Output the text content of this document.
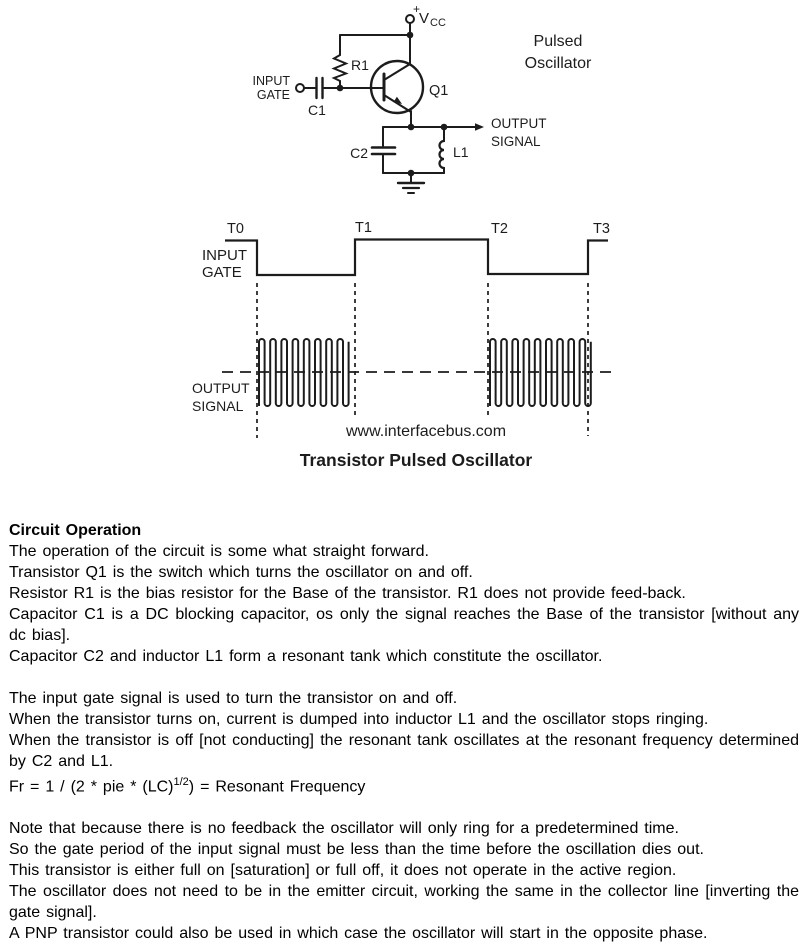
+
V CC
R1
C1
Q1
C2	L1
INPUT
GATE
OUTPUT
SIGNAL
Pulsed
Oscillator
T0	T1	T2	T3
INPUT
GATE
OUTPUT
SIGNAL
www.interfacebus.com
Transistor Pulsed Oscillator
Circuit Operation
The operation of the circuit is some what straight forward.
Transistor Q1 is the switch which turns the oscillator on and off.
Resistor R1 is the bias resistor for the Base of the transistor. R1 does not provide feed-back.
Capacitor C1 is a DC blocking capacitor, os only the signal reaches the Base of the transistor [without any dc bias].
Capacitor C2 and inductor L1 form a resonant tank which constitute the oscillator.
The input gate signal is used to turn the transistor on and off.
When the transistor turns on, current is dumped into inductor L1 and the oscillator stops ringing.
When the transistor is off [not conducting] the resonant tank oscillates at the resonant frequency determined by C2 and L1.
Fr = 1 / (2 * pie * (LC)$^{1/2}$) = Resonant Frequency
Note that because there is no feedback the oscillator will only ring for a predetermined time.
So the gate period of the input signal must be less than the time before the oscillation dies out.
This transistor is either full on [saturation] or full off, it does not operate in the active region.
The oscillator does not need to be in the emitter circuit, working the same in the collector line [inverting the gate signal].
A PNP transistor could also be used in which case the oscillator will start in the opposite phase.
